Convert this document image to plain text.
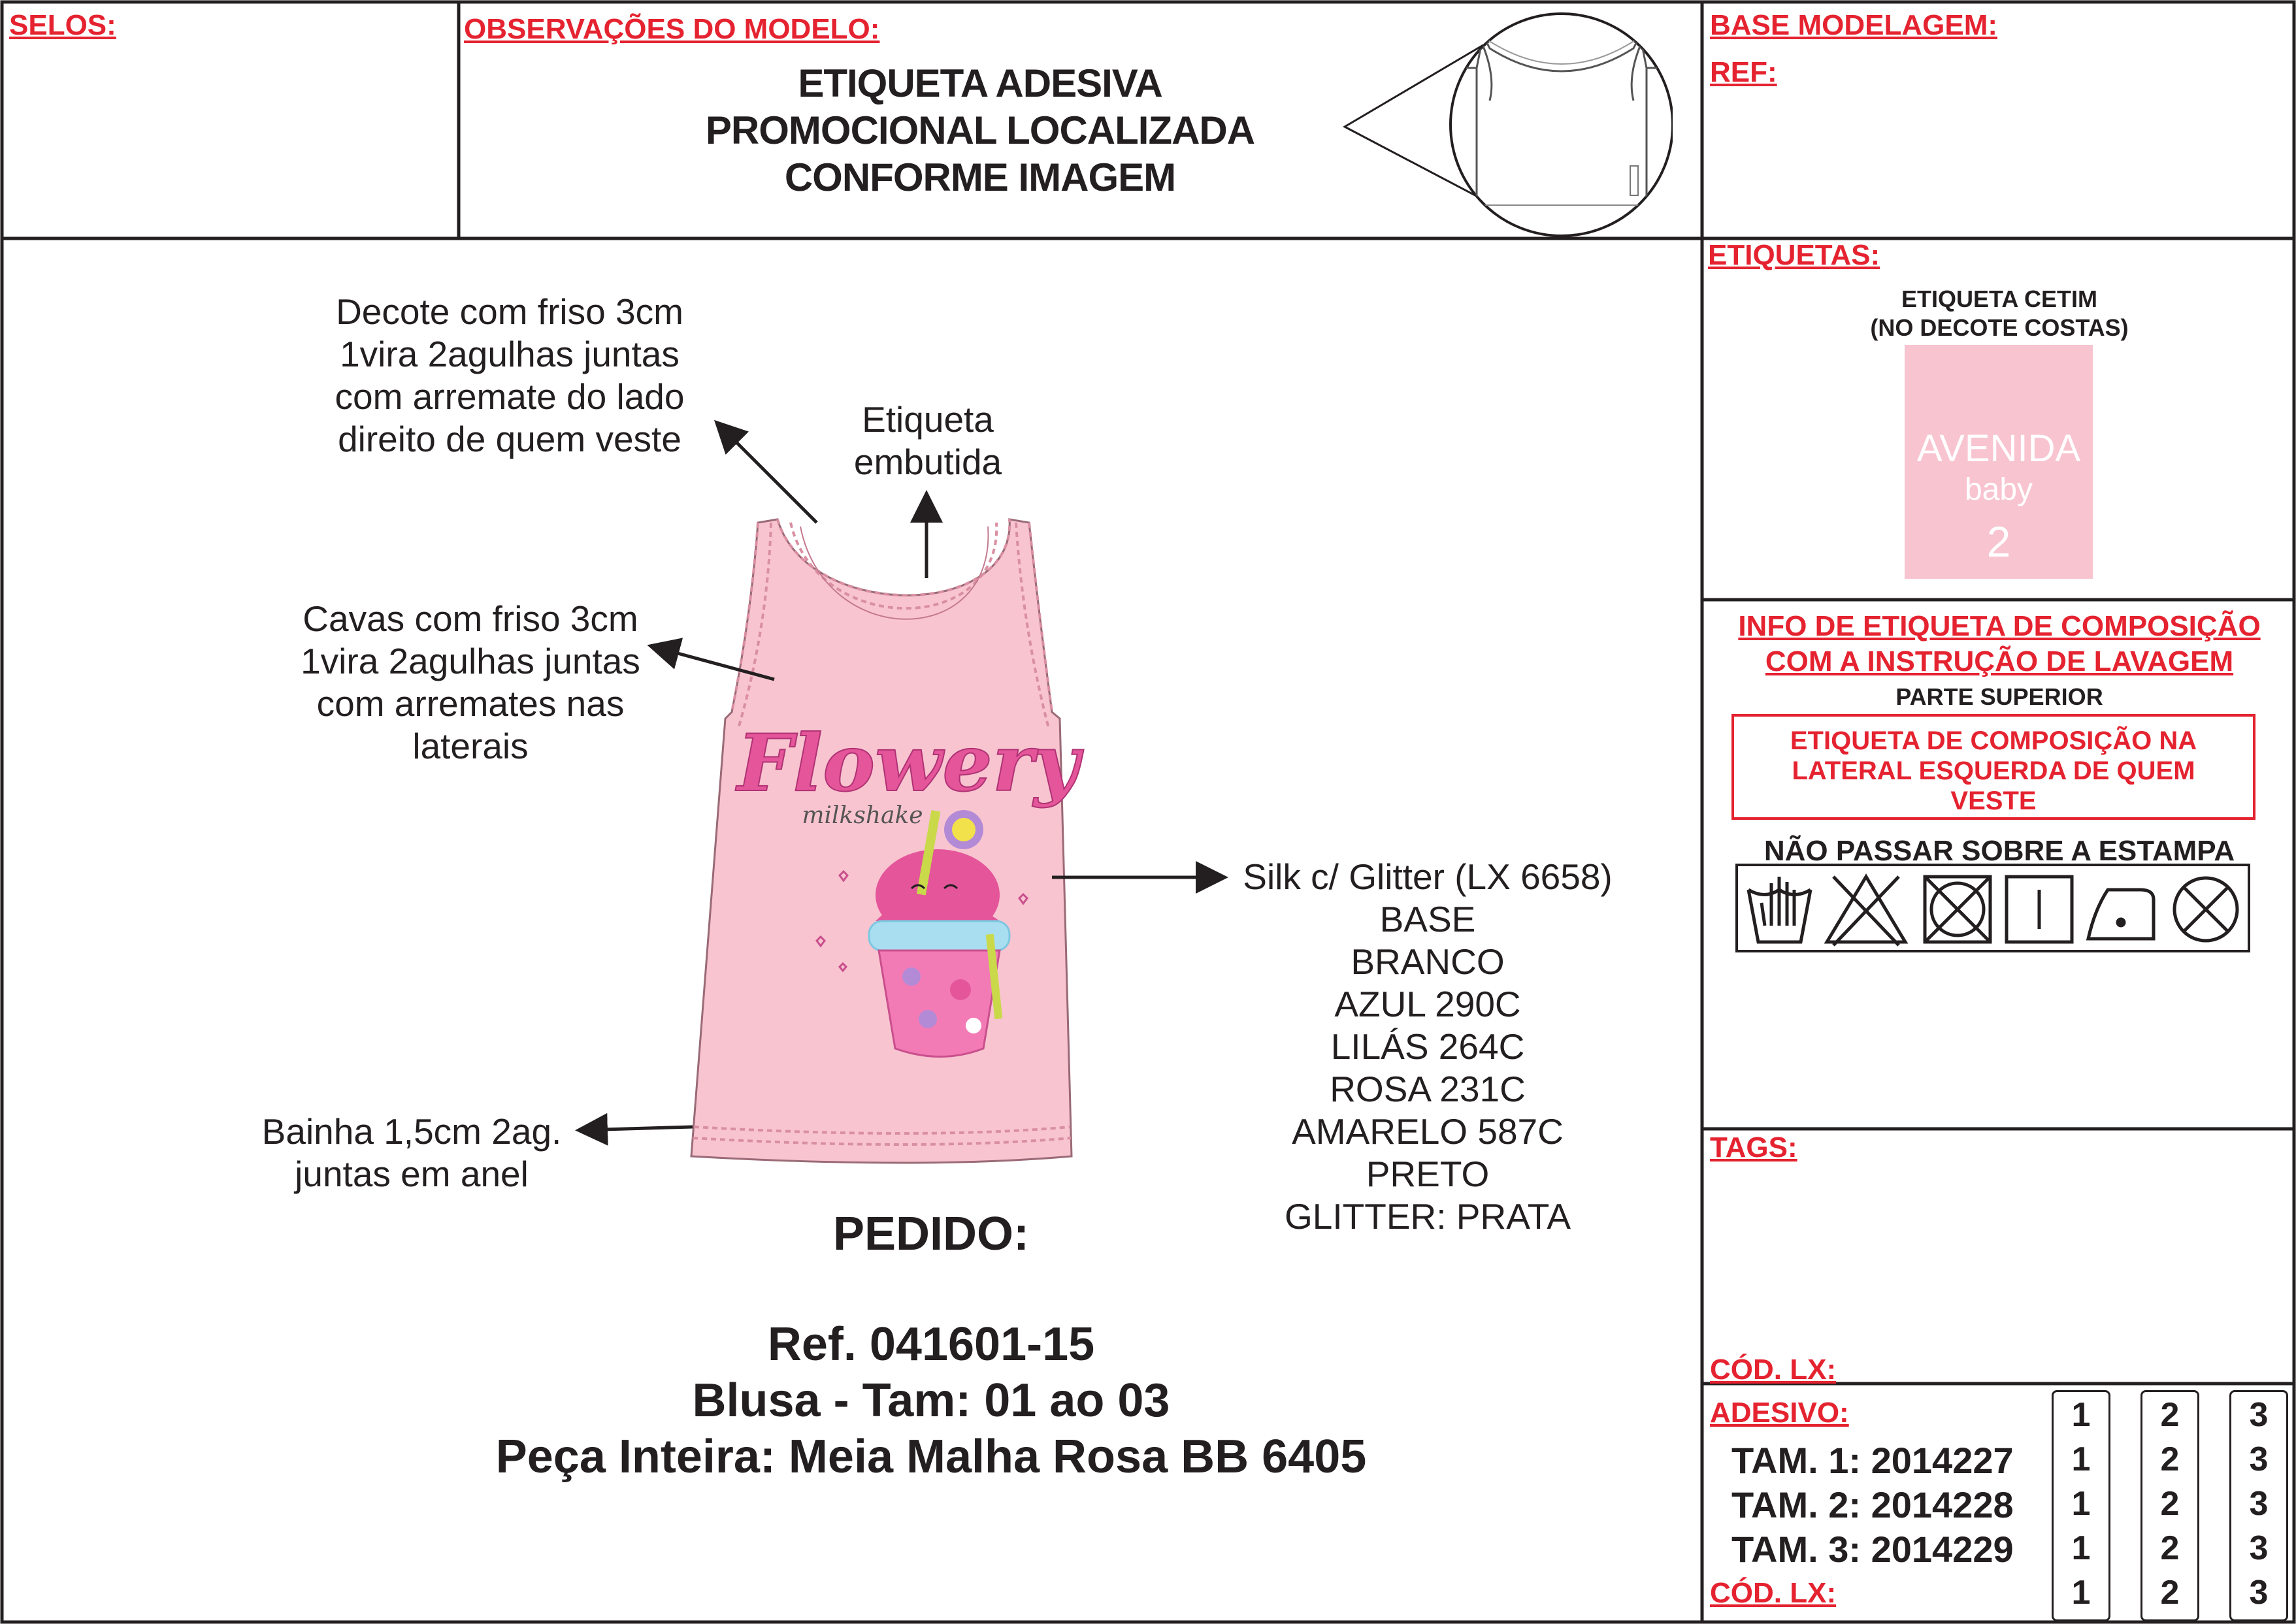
SELOS:	OBSERVAÇÕES DO MODELO:
ETIQUETA ADESIVA
PROMOCIONAL LOCALIZADA
CONFORME IMAGEM
BASE MODELAGEM:
REF:
Flowery
milkshake
Decote com friso 3cm
1vira 2agulhas juntas
com arremate do lado
direito de quem veste	Etiqueta
embutida
Cavas com friso 3cm
1vira 2agulhas juntas
com arremates nas
laterais
Bainha 1,5cm 2ag.
juntas em anel
Silk c/ Glitter (LX 6658)
BASE
BRANCO
AZUL 290C
LILÁS 264C
ROSA 231C
AMARELO 587C
PRETO
GLITTER: PRATA
PEDIDO:
Ref. 041601-15
Blusa - Tam: 01 ao 03
Peça Inteira: Meia Malha Rosa BB 6405
ETIQUETAS:
ETIQUETA CETIM
(NO DECOTE COSTAS)
AVENIDA
baby
2
INFO DE ETIQUETA DE COMPOSIÇÃO
COM A INSTRUÇÃO DE LAVAGEM
PARTE SUPERIOR
ETIQUETA DE COMPOSIÇÃO NA
LATERAL ESQUERDA DE QUEM
VESTE
NÃO PASSAR SOBRE A ESTAMPA
TAGS:
CÓD. LX:
ADESIVO:
TAM. 1: 2014227
TAM. 2: 2014228
TAM. 3: 2014229
CÓD. LX:
1
1
1
1
1
2
2
2
2
2
3
3
3
3
3
